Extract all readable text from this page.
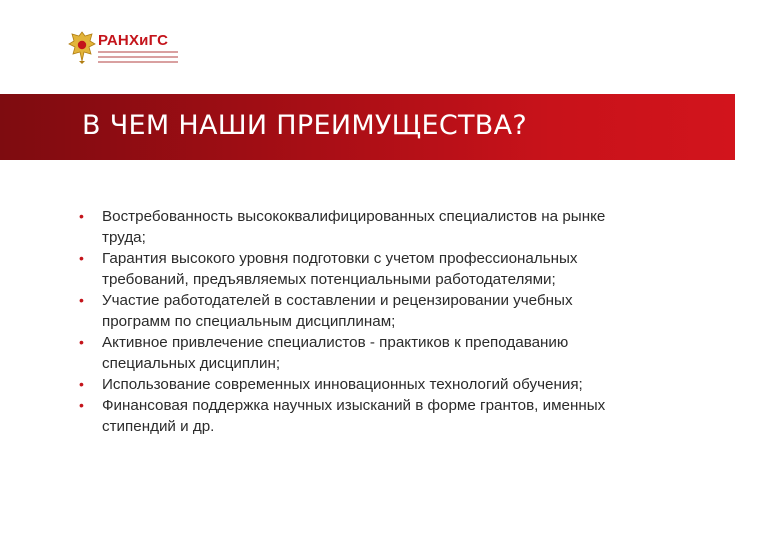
РАНХиГС
В ЧЕМ НАШИ ПРЕИМУЩЕСТВА?
• Востребованность высококвалифицированных специалистов на рынке труда;
• Гарантия высокого уровня подготовки с учетом профессиональных требований, предъявляемых потенциальными работодателями;
• Участие работодателей в составлении и рецензировании учебных программ по специальным дисциплинам;
• Активное привлечение специалистов - практиков к преподаванию специальных дисциплин;
• Использование современных инновационных технологий обучения;
• Финансовая поддержка научных изысканий в форме грантов, именных стипендий и др.
